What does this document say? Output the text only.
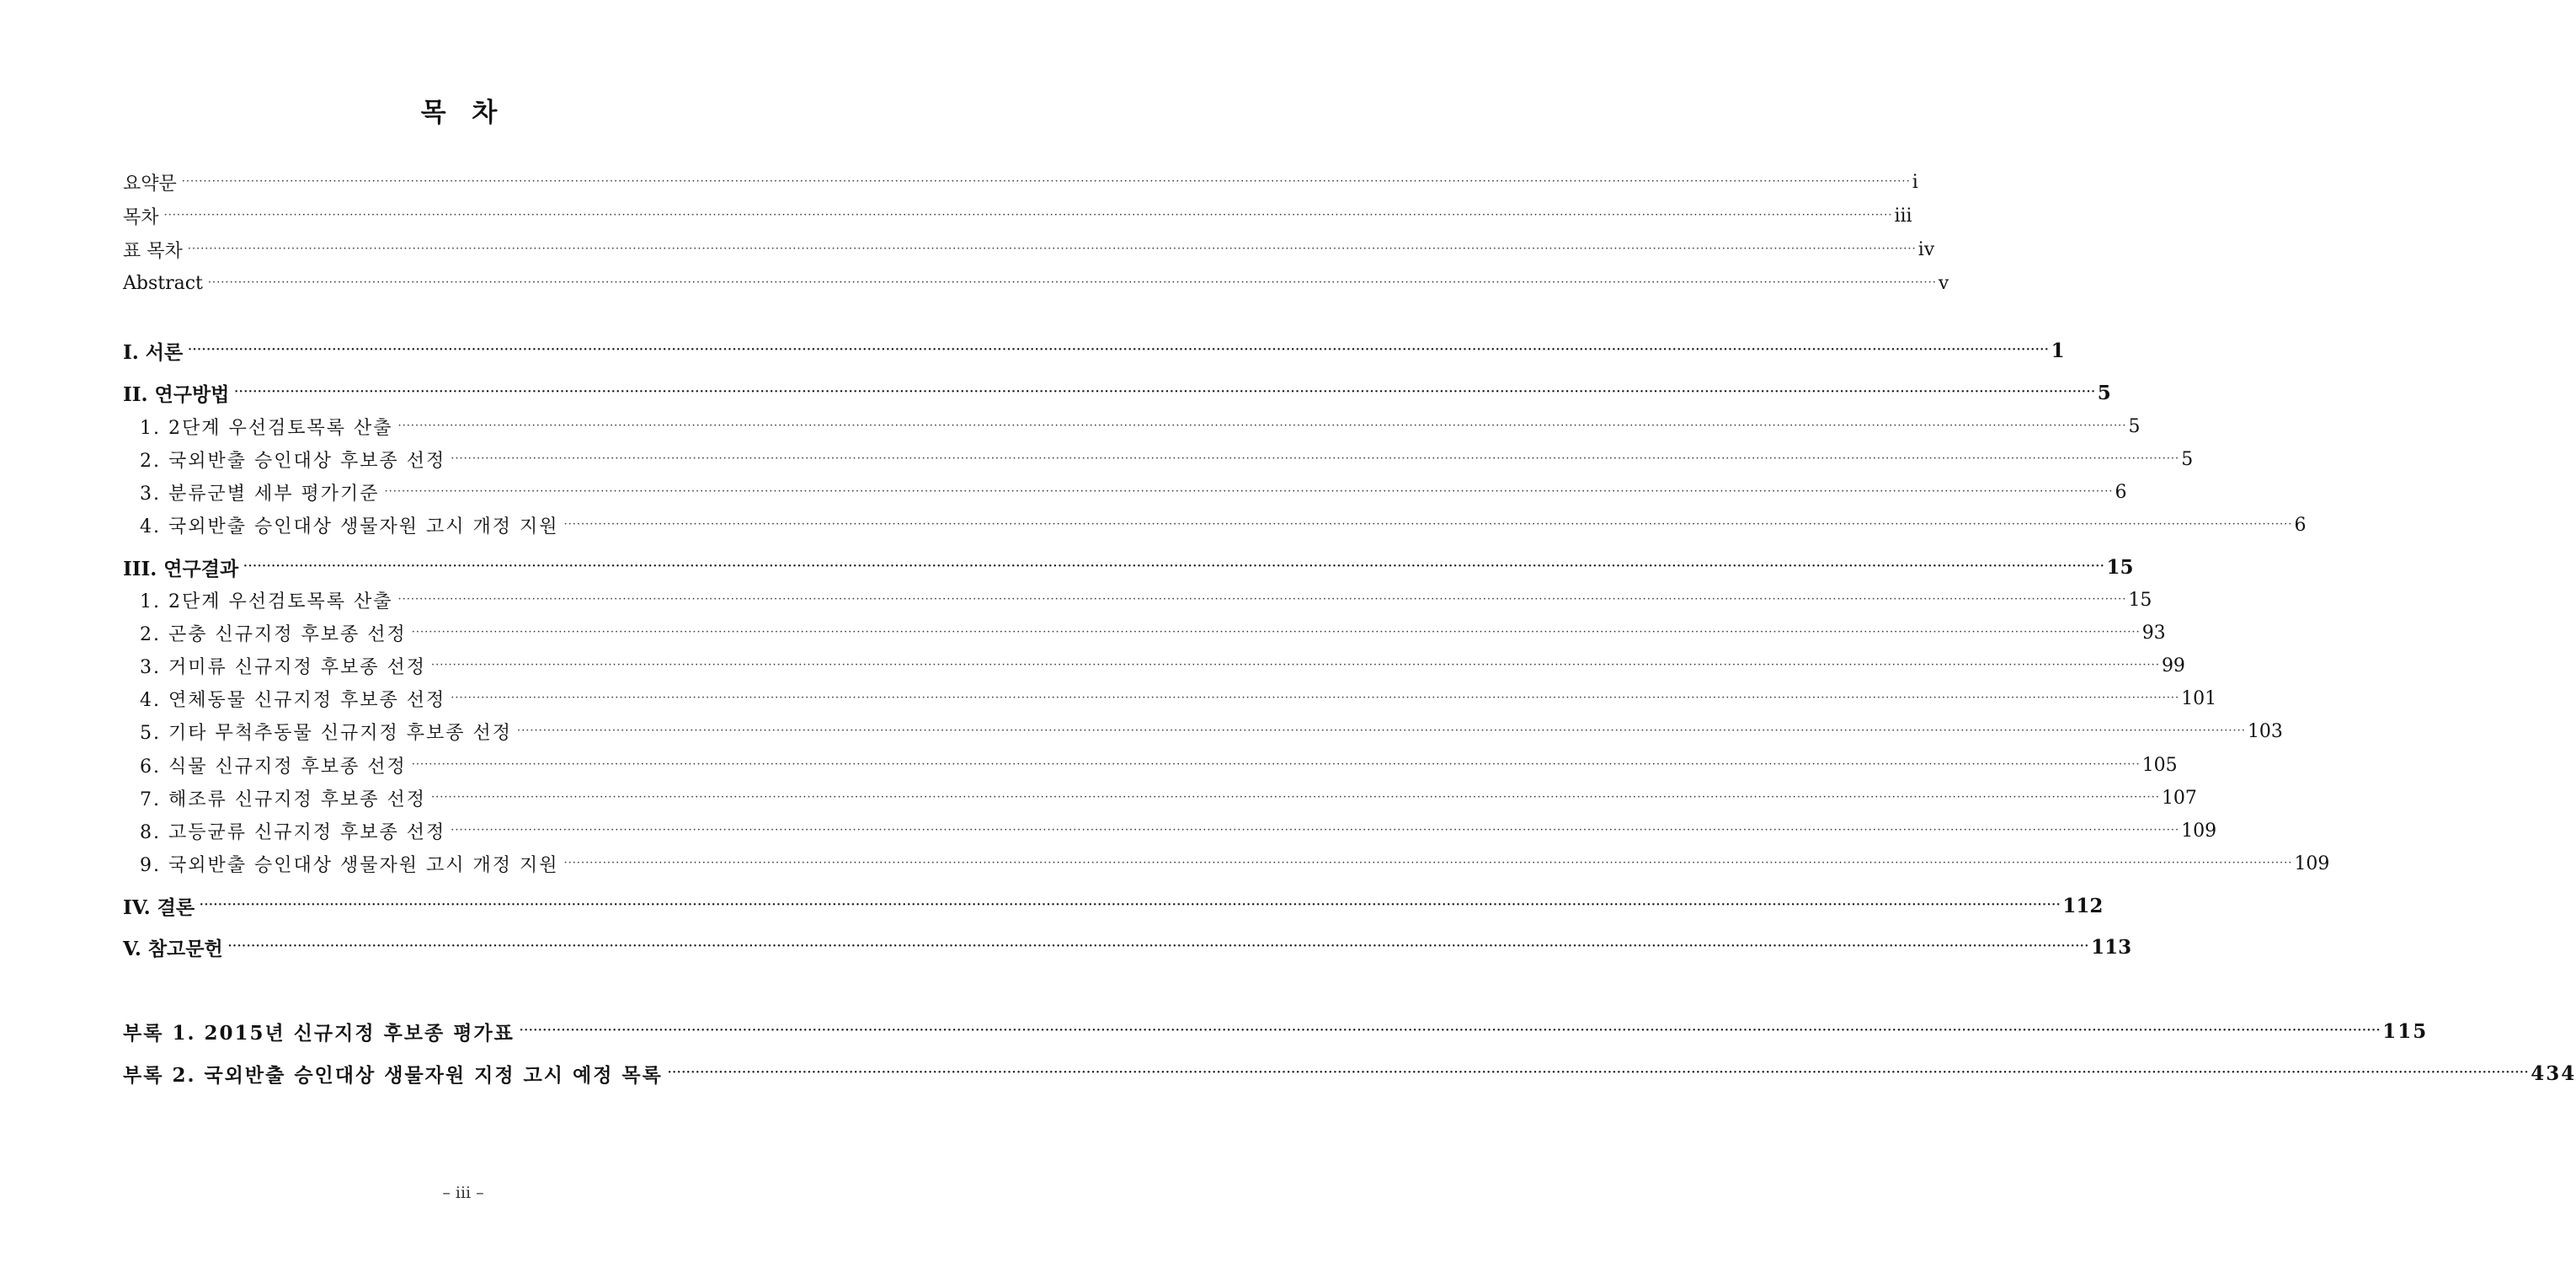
목 차
요약문 ················································································································································································································································································································································································································ i
목차 ················································································································································································································································································································································································································ iii
표 목차 ················································································································································································································································································································································································································ ⅳ
Abstract ················································································································································································································································································································································································································ v
I. 서론 ················································································································································································································································································································································································································ 1
II. 연구방법 ················································································································································································································································································································································································································ 5
1. 2단계 우선검토목록 산출 ················································································································································································································································································································································································································ 5
2. 국외반출 승인대상 후보종 선정 ················································································································································································································································································································································································································ 5
3. 분류군별 세부 평가기준 ················································································································································································································································································································································································································ 6
4. 국외반출 승인대상 생물자원 고시 개정 지원 ················································································································································································································································································································································································································ 6
III. 연구결과 ················································································································································································································································································································································································································ 15
1. 2단계 우선검토목록 산출 ················································································································································································································································································································································································································ 15
2. 곤충 신규지정 후보종 선정 ················································································································································································································································································································································································································ 93
3. 거미류 신규지정 후보종 선정 ················································································································································································································································································································································································································ 99
4. 연체동물 신규지정 후보종 선정 ················································································································································································································································································································································································································ 101
5. 기타 무척추동물 신규지정 후보종 선정 ················································································································································································································································································································································································································ 103
6. 식물 신규지정 후보종 선정 ················································································································································································································································································································································································································ 105
7. 해조류 신규지정 후보종 선정 ················································································································································································································································································································································································································ 107
8. 고등균류 신규지정 후보종 선정 ················································································································································································································································································································································································································ 109
9. 국외반출 승인대상 생물자원 고시 개정 지원 ················································································································································································································································································································································································································ 109
IV. 결론 ················································································································································································································································································································································································································ 112
V. 참고문헌 ················································································································································································································································································································································································································ 113
부록 1. 2015년 신규지정 후보종 평가표 ················································································································································································································································································································································································································ 115
부록 2. 국외반출 승인대상 생물자원 지정 고시 예정 목록 ················································································································································································································································································································································································································ 434
– iii –
